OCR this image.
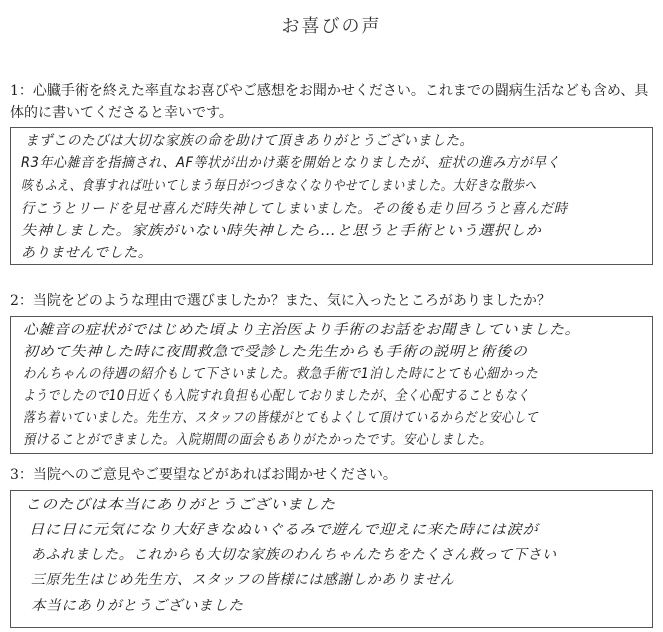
お喜びの声
1：心臓手術を終えた率直なお喜びやご感想をお聞かせください。これまでの闘病生活なども含め、具体的に書いてくださると幸いです。
まずこのたびは大切な家族の命を助けて頂きありがとうございました。
R3年心雑音を指摘され、AF等状が出かけ薬を開始となりましたが、症状の進み方が早く
咳もふえ、食事すれば吐いてしまう毎日がつづきなくなりやせてしまいました。大好きな散歩へ
行こうとリードを見せ喜んだ時失神してしまいました。その後も走り回ろうと喜んだ時
失神しました。家族がいない時失神したら…と思うと手術という選択しか
ありませんでした。
2：当院をどのような理由で選びましたか？また、気に入ったところがありましたか？
心雑音の症状がではじめた頃より主治医より手術のお話をお聞きしていました。
初めて失神した時に夜間救急で受診した先生からも手術の説明と術後の
わんちゃんの待遇の紹介もして下さいました。救急手術で1泊した時にとても心細かった
ようでしたので10日近くも入院すれ負担も心配しておりましたが、全く心配することもなく
落ち着いていました。先生方、スタッフの皆様がとてもよくして頂けているからだと安心して
預けることができました。入院期間の面会もありがたかったです。安心しました。
3：当院へのご意見やご要望などがあればお聞かせください。
このたびは本当にありがとうございました
日に日に元気になり大好きなぬいぐるみで遊んで迎えに来た時には涙が
あふれました。これからも大切な家族のわんちゃんたちをたくさん救って下さい
三原先生はじめ先生方、スタッフの皆様には感謝しかありません
本当にありがとうございました
